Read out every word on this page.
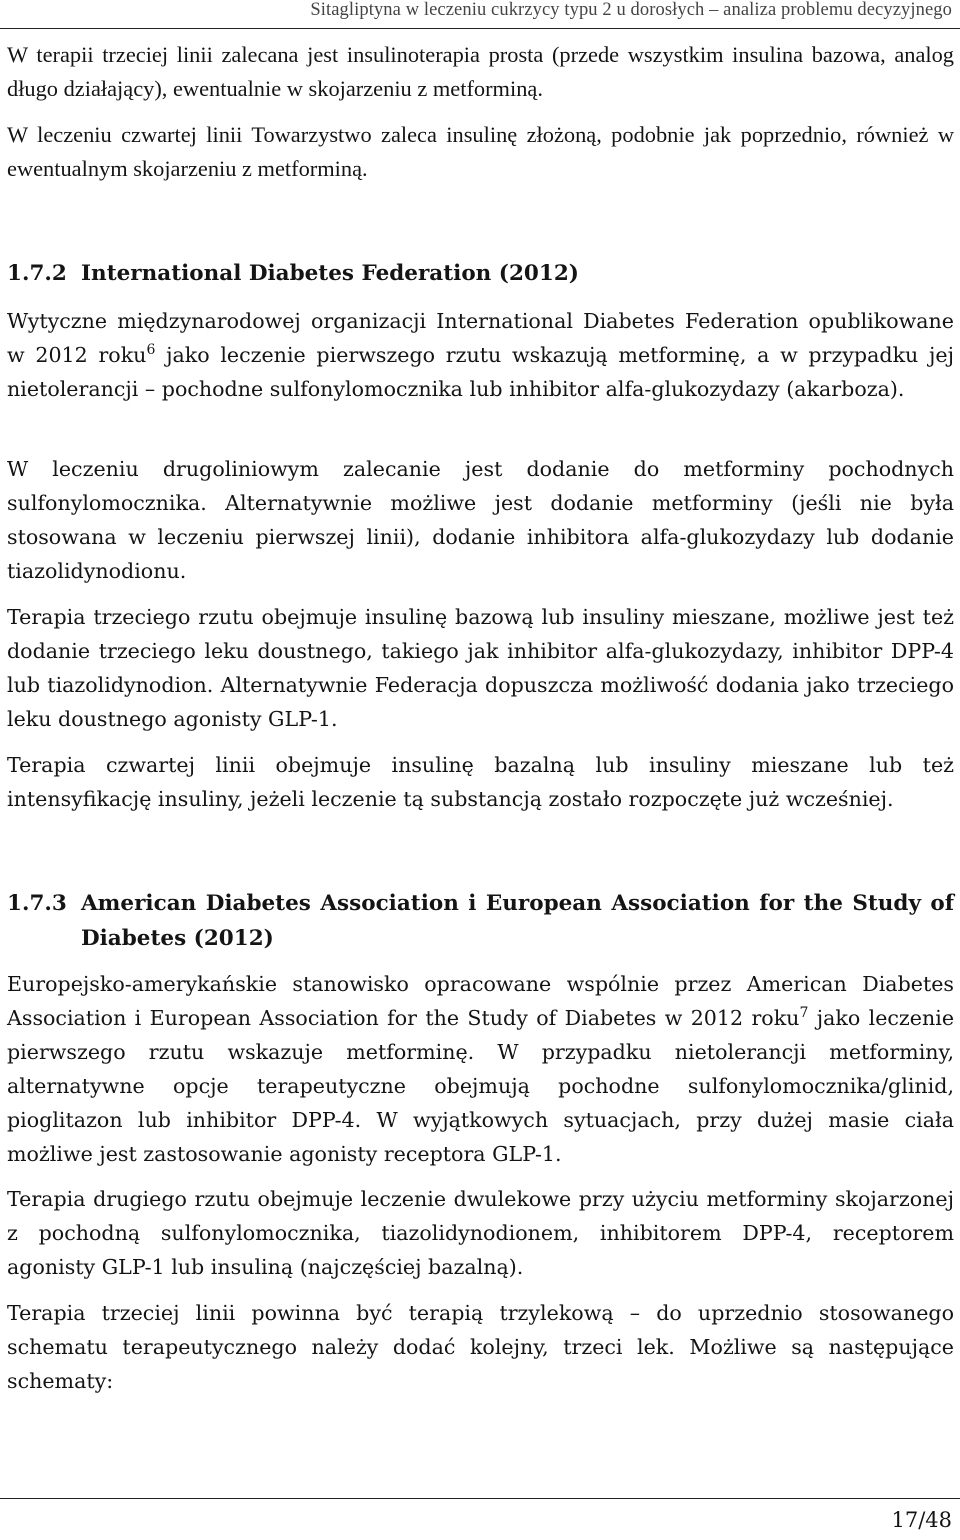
Sitagliptyna w leczeniu cukrzycy typu 2 u dorosłych – analiza problemu decyzyjnego

W terapii trzeciej linii zalecana jest insulinoterapia prosta (przede wszystkim insulina bazowa, analog długo działający), ewentualnie w skojarzeniu z metforminą.

W leczeniu czwartej linii Towarzystwo zaleca insulinę złożoną, podobnie jak poprzednio, również w ewentualnym skojarzeniu z metforminą.

1.7.2 International Diabetes Federation (2012)

Wytyczne międzynarodowej organizacji International Diabetes Federation opublikowane w 2012 roku$^6$ jako leczenie pierwszego rzutu wskazują metforminę, a w przypadku jej nietolerancji – pochodne sulfonylomocznika lub inhibitor alfa-glukozydazy (akarboza).

W leczeniu drugoliniowym zalecanie jest dodanie do metforminy pochodnych sulfonylomocznika. Alternatywnie możliwe jest dodanie metforminy (jeśli nie była stosowana w leczeniu pierwszej linii), dodanie inhibitora alfa-glukozydazy lub dodanie tiazolidynodionu.

Terapia trzeciego rzutu obejmuje insulinę bazową lub insuliny mieszane, możliwe jest też dodanie trzeciego leku doustnego, takiego jak inhibitor alfa-glukozydazy, inhibitor DPP-4 lub tiazolidynodion. Alternatywnie Federacja dopuszcza możliwość dodania jako trzeciego leku doustnego agonisty GLP-1.

Terapia czwartej linii obejmuje insulinę bazalną lub insuliny mieszane lub też intensyfikację insuliny, jeżeli leczenie tą substancją zostało rozpoczęte już wcześniej.

1.7.3 American Diabetes Association i European Association for the Study of Diabetes (2012)

Europejsko-amerykańskie stanowisko opracowane wspólnie przez American Diabetes Association i European Association for the Study of Diabetes w 2012 roku$^7$ jako leczenie pierwszego rzutu wskazuje metforminę. W przypadku nietolerancji metforminy, alternatywne opcje terapeutyczne obejmują pochodne sulfonylomocznika/glinid, pioglitazon lub inhibitor DPP-4. W wyjątkowych sytuacjach, przy dużej masie ciała możliwe jest zastosowanie agonisty receptora GLP-1.

Terapia drugiego rzutu obejmuje leczenie dwulekowe przy użyciu metforminy skojarzonej z pochodną sulfonylomocznika, tiazolidynodionem, inhibitorem DPP-4, receptorem agonisty GLP-1 lub insuliną (najczęściej bazalną).

Terapia trzeciej linii powinna być terapią trzylekową – do uprzednio stosowanego schematu terapeutycznego należy dodać kolejny, trzeci lek. Możliwe są następujące schematy:

17/48
